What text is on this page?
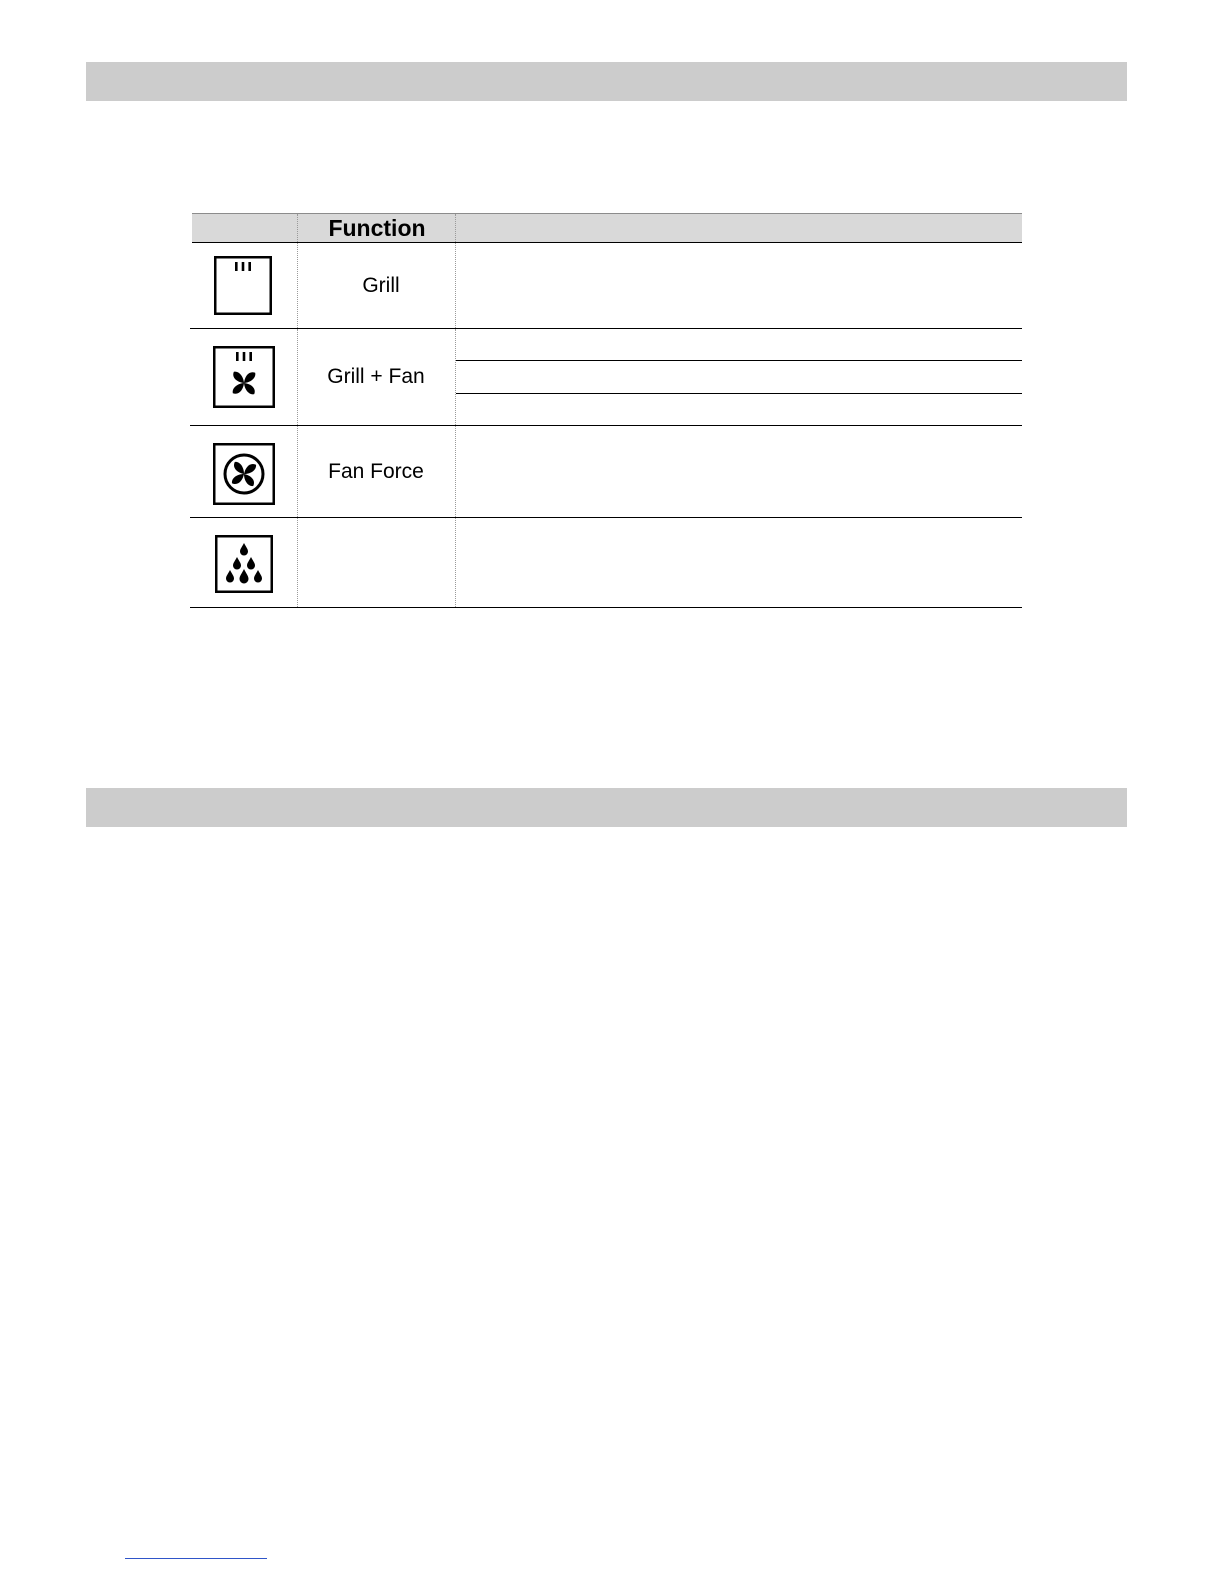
Function
Grill
Grill + Fan
Fan Force
